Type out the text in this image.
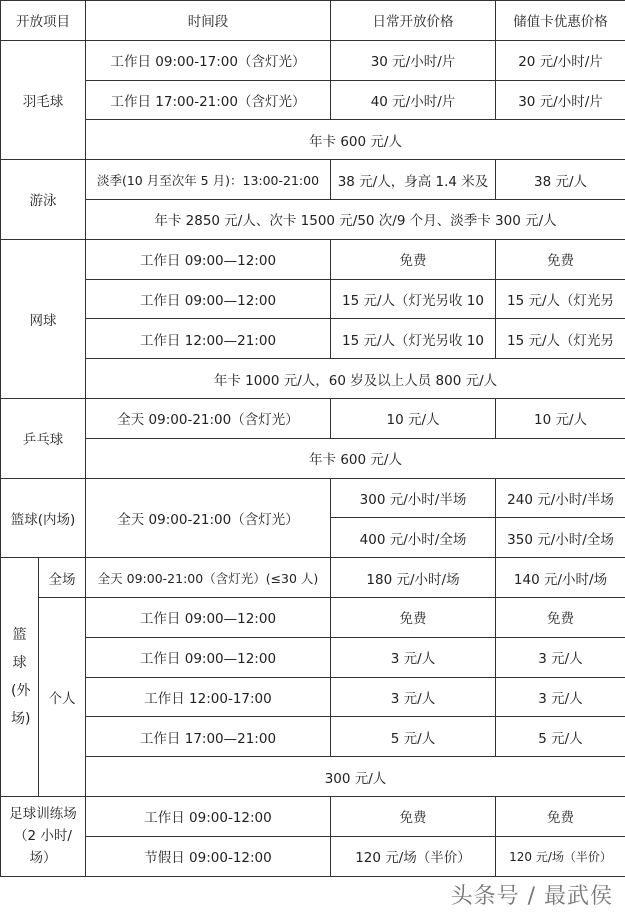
开放项目		时间段	日常开放价格	储值卡优惠价格
羽毛球		工作日 09:00-17:00（含灯光）	30 元/小时/片	20 元/小时/片
		工作日 17:00-21:00（含灯光）	40 元/小时/片	30 元/小时/片
		年卡 600 元/人		
游泳		淡季(10 月至次年 5 月)：13:00-21:00	38 元/人，身高 1.4 米及	38 元/人
		年卡 2850 元/人、次卡 1500 元/50 次/9 个月、淡季卡 300 元/人		
网球		工作日 09:00—12:00	免费	免费
		工作日 09:00—12:00	15 元/人（灯光另收 10	15 元/人（灯光另
		工作日 12:00—21:00	15 元/人（灯光另收 10	15 元/人（灯光另
		年卡 1000 元/人，60 岁及以上人员 800 元/人		
乒乓球		全天 09:00-21:00（含灯光）	10 元/人	10 元/人
		年卡 600 元/人		
篮球(内场)		全天 09:00-21:00（含灯光）	300 元/小时/半场	240 元/小时/半场
			400 元/小时/全场	350 元/小时/全场
篮球(外场)	全场	全天 09:00-21:00（含灯光）(≤30 人)	180 元/小时/场	140 元/小时/场
	个人	工作日 09:00—12:00	免费	免费
		工作日 09:00—12:00	3 元/人	3 元/人
		工作日 12:00-17:00	3 元/人	3 元/人
		工作日 17:00—21:00	5 元/人	5 元/人
		300 元/人		
足球训练场（2 小时/场）		工作日 09:00-12:00	免费	免费
		节假日 09:00-12:00	120 元/场（半价）	120 元/场（半价）
头条号 / 最武侯
